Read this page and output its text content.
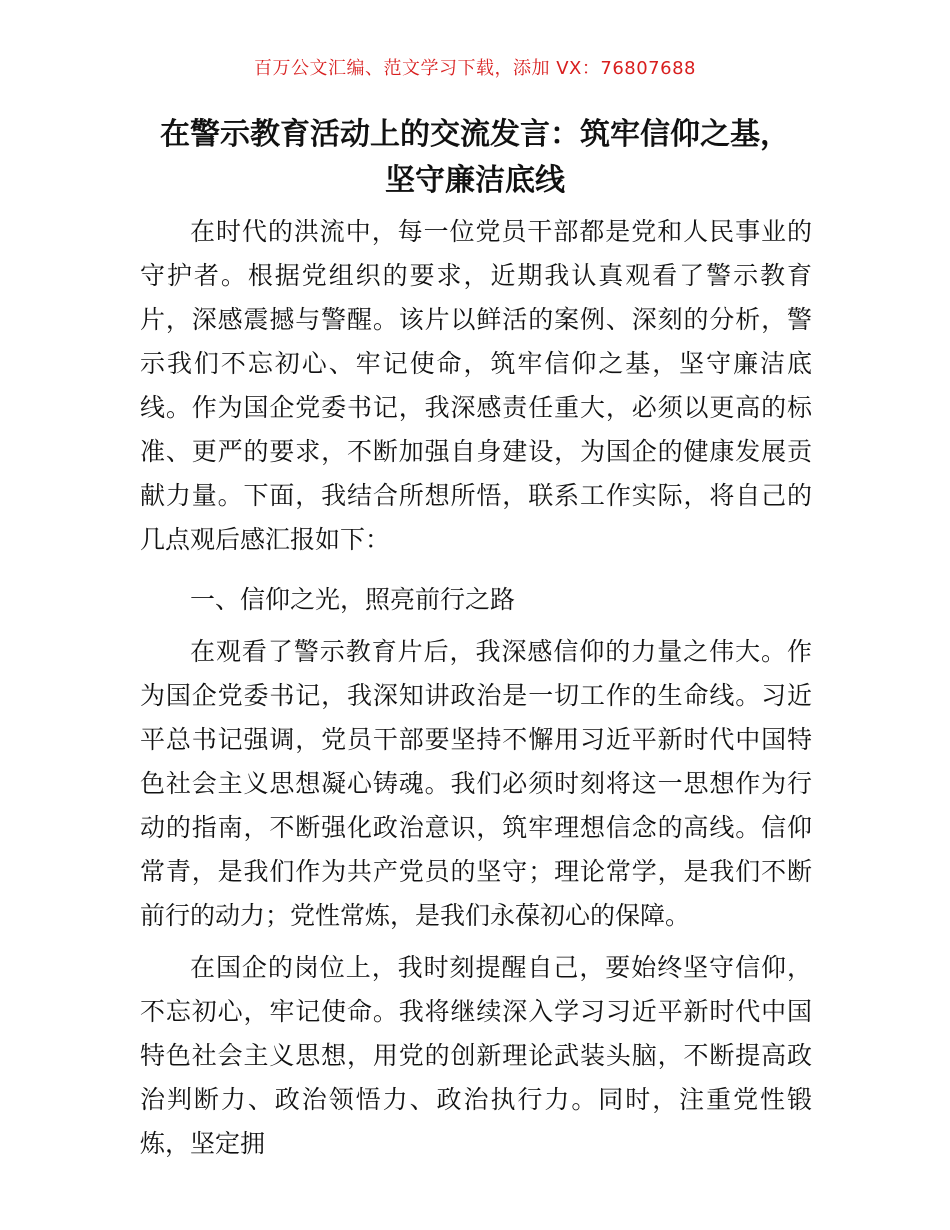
百万公文汇编、范文学习下载，添加 VX：76807688
在警示教育活动上的交流发言：筑牢信仰之基，坚守廉洁底线

在时代的洪流中，每一位党员干部都是党和人民事业的守护者。根据党组织的要求，近期我认真观看了警示教育片，深感震撼与警醒。该片以鲜活的案例、深刻的分析，警示我们不忘初心、牢记使命，筑牢信仰之基，坚守廉洁底线。作为国企党委书记，我深感责任重大，必须以更高的标准、更严的要求，不断加强自身建设，为国企的健康发展贡献力量。下面，我结合所想所悟，联系工作实际，将自己的几点观后感汇报如下：

一、信仰之光，照亮前行之路

在观看了警示教育片后，我深感信仰的力量之伟大。作为国企党委书记，我深知讲政治是一切工作的生命线。习近平总书记强调，党员干部要坚持不懈用习近平新时代中国特色社会主义思想凝心铸魂。我们必须时刻将这一思想作为行动的指南，不断强化政治意识，筑牢理想信念的高线。信仰常青，是我们作为共产党员的坚守；理论常学，是我们不断前行的动力；党性常炼，是我们永葆初心的保障。

在国企的岗位上，我时刻提醒自己，要始终坚守信仰，不忘初心，牢记使命。我将继续深入学习习近平新时代中国特色社会主义思想，用党的创新理论武装头脑，不断提高政治判断力、政治领悟力、政治执行力。同时，注重党性锻炼，坚定拥
